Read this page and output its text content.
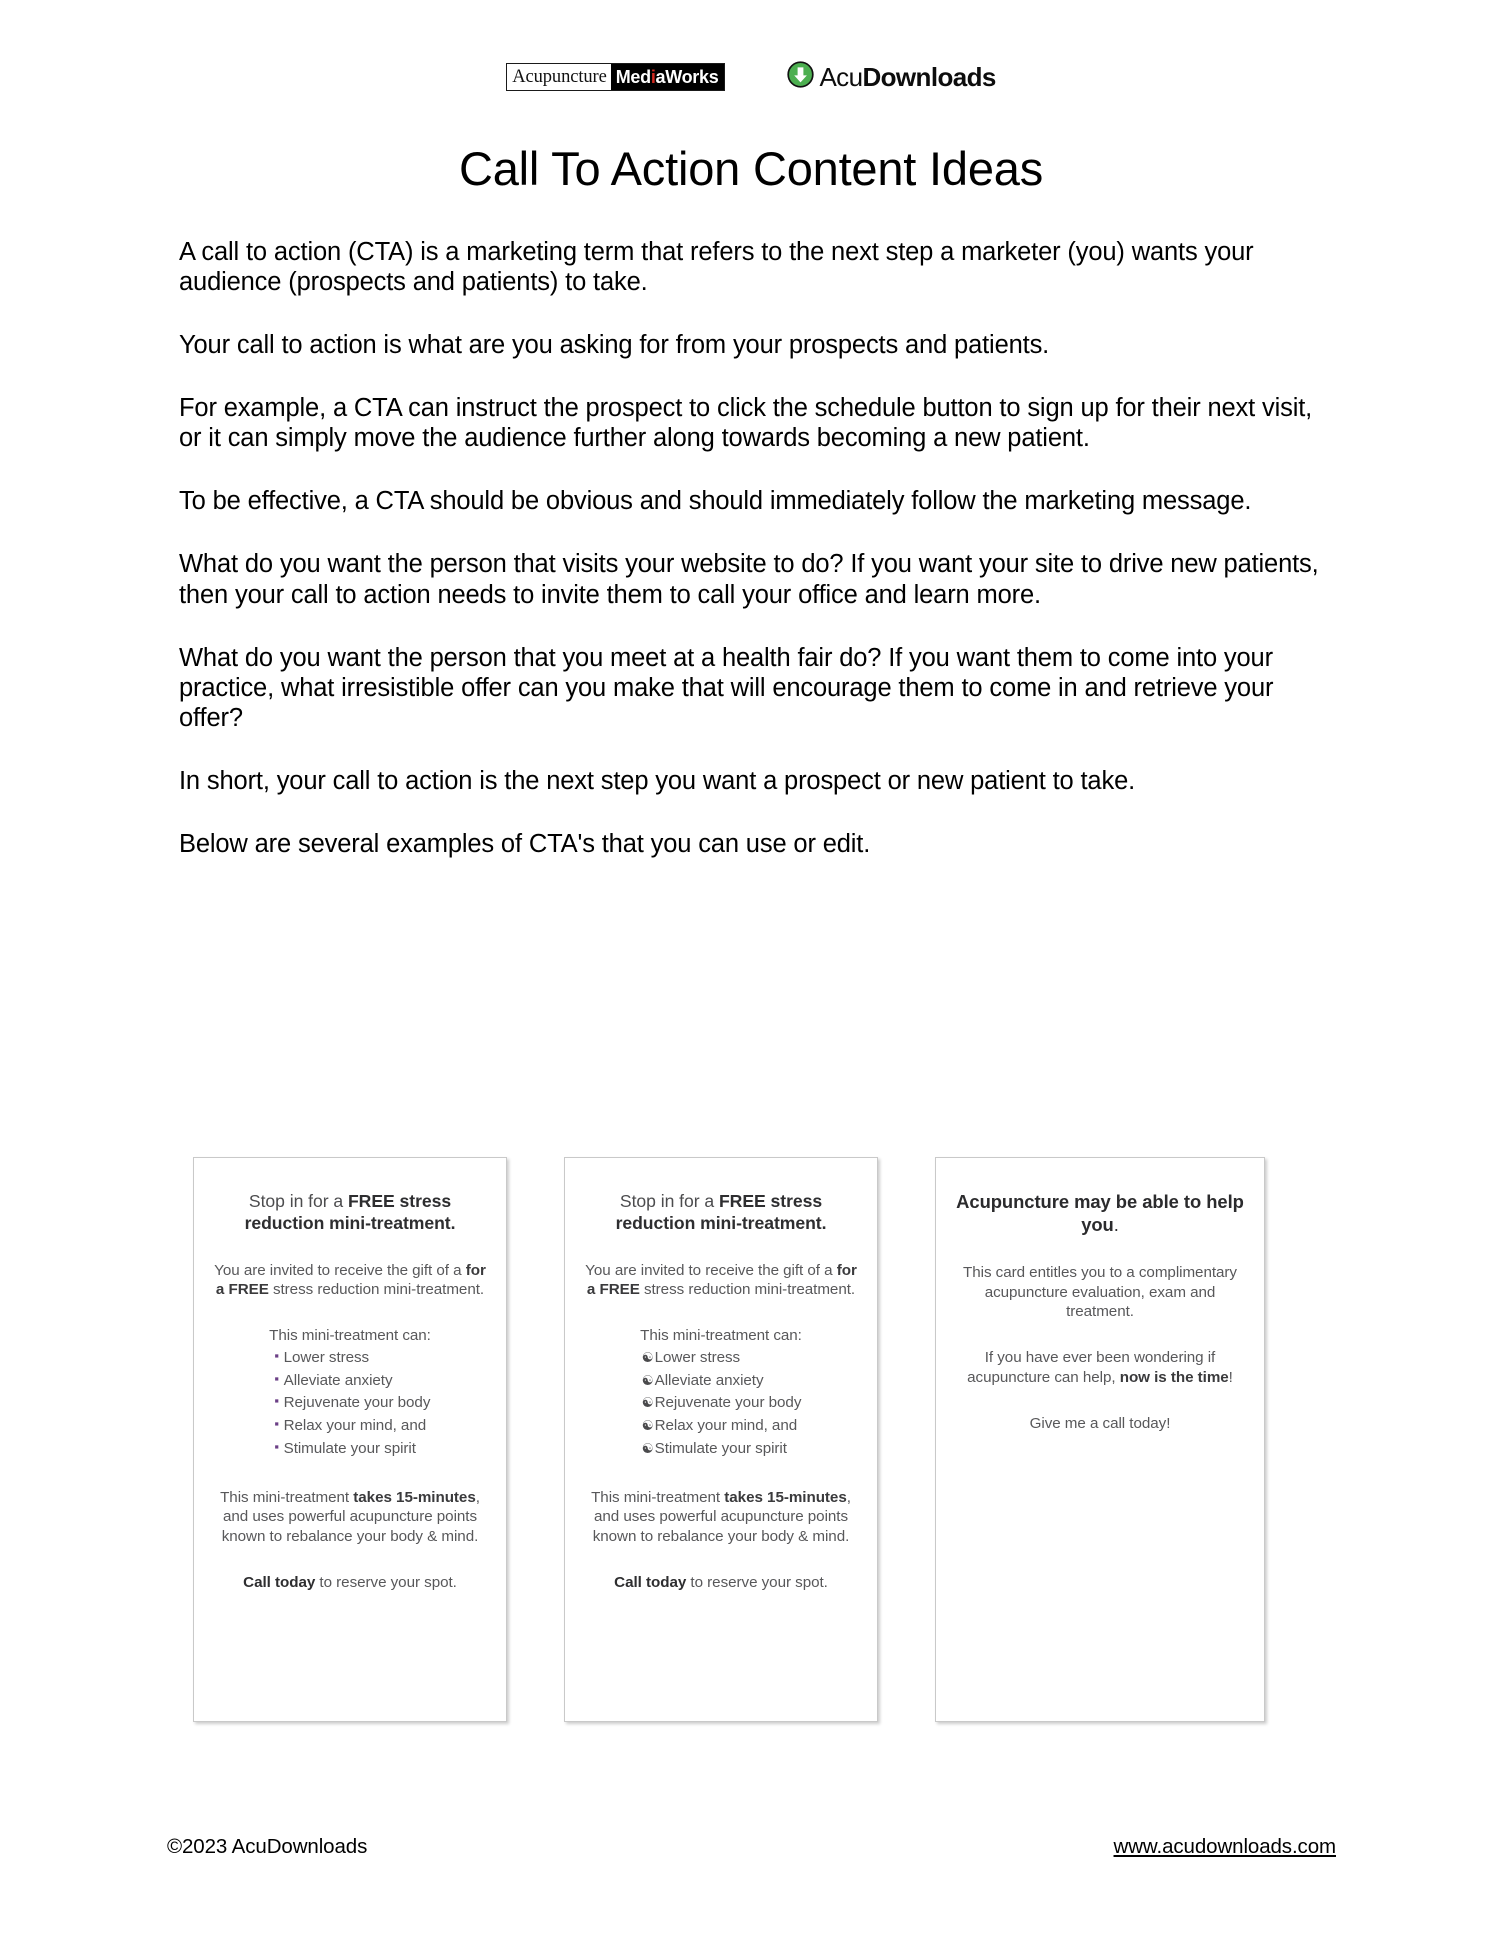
Acupuncture MediaWorks	AcuDownloads
Call To Action Content Ideas

A call to action (CTA) is a marketing term that refers to the next step a marketer (you) wants your audience (prospects and patients) to take.

Your call to action is what are you asking for from your prospects and patients.

For example, a CTA can instruct the prospect to click the schedule button to sign up for their next visit, or it can simply move the audience further along towards becoming a new patient.

To be effective, a CTA should be obvious and should immediately follow the marketing message.

What do you want the person that visits your website to do? If you want your site to drive new patients, then your call to action needs to invite them to call your office and learn more.

What do you want the person that you meet at a health fair do? If you want them to come into your practice, what irresistible offer can you make that will encourage them to come in and retrieve your offer?

In short, your call to action is the next step you want a prospect or new patient to take.

Below are several examples of CTA's that you can use or edit.

Stop in for a FREE stress reduction mini-treatment.
You are invited to receive the gift of a for a FREE stress reduction mini-treatment.
This mini-treatment can:
▪ Lower stress
▪ Alleviate anxiety
▪ Rejuvenate your body
▪ Relax your mind, and
▪ Stimulate your spirit
This mini-treatment takes 15-minutes, and uses powerful acupuncture points known to rebalance your body & mind.
Call today to reserve your spot.
Stop in for a FREE stress reduction mini-treatment.
You are invited to receive the gift of a for a FREE stress reduction mini-treatment.
This mini-treatment can:
☯Lower stress
☯Alleviate anxiety
☯Rejuvenate your body
☯Relax your mind, and
☯Stimulate your spirit
This mini-treatment takes 15-minutes, and uses powerful acupuncture points known to rebalance your body & mind.
Call today to reserve your spot.
Acupuncture may be able to help you.
This card entitles you to a complimentary acupuncture evaluation, exam and treatment.
If you have ever been wondering if acupuncture can help, now is the time!
Give me a call today!
©2023 AcuDownloads	www.acudownloads.com
